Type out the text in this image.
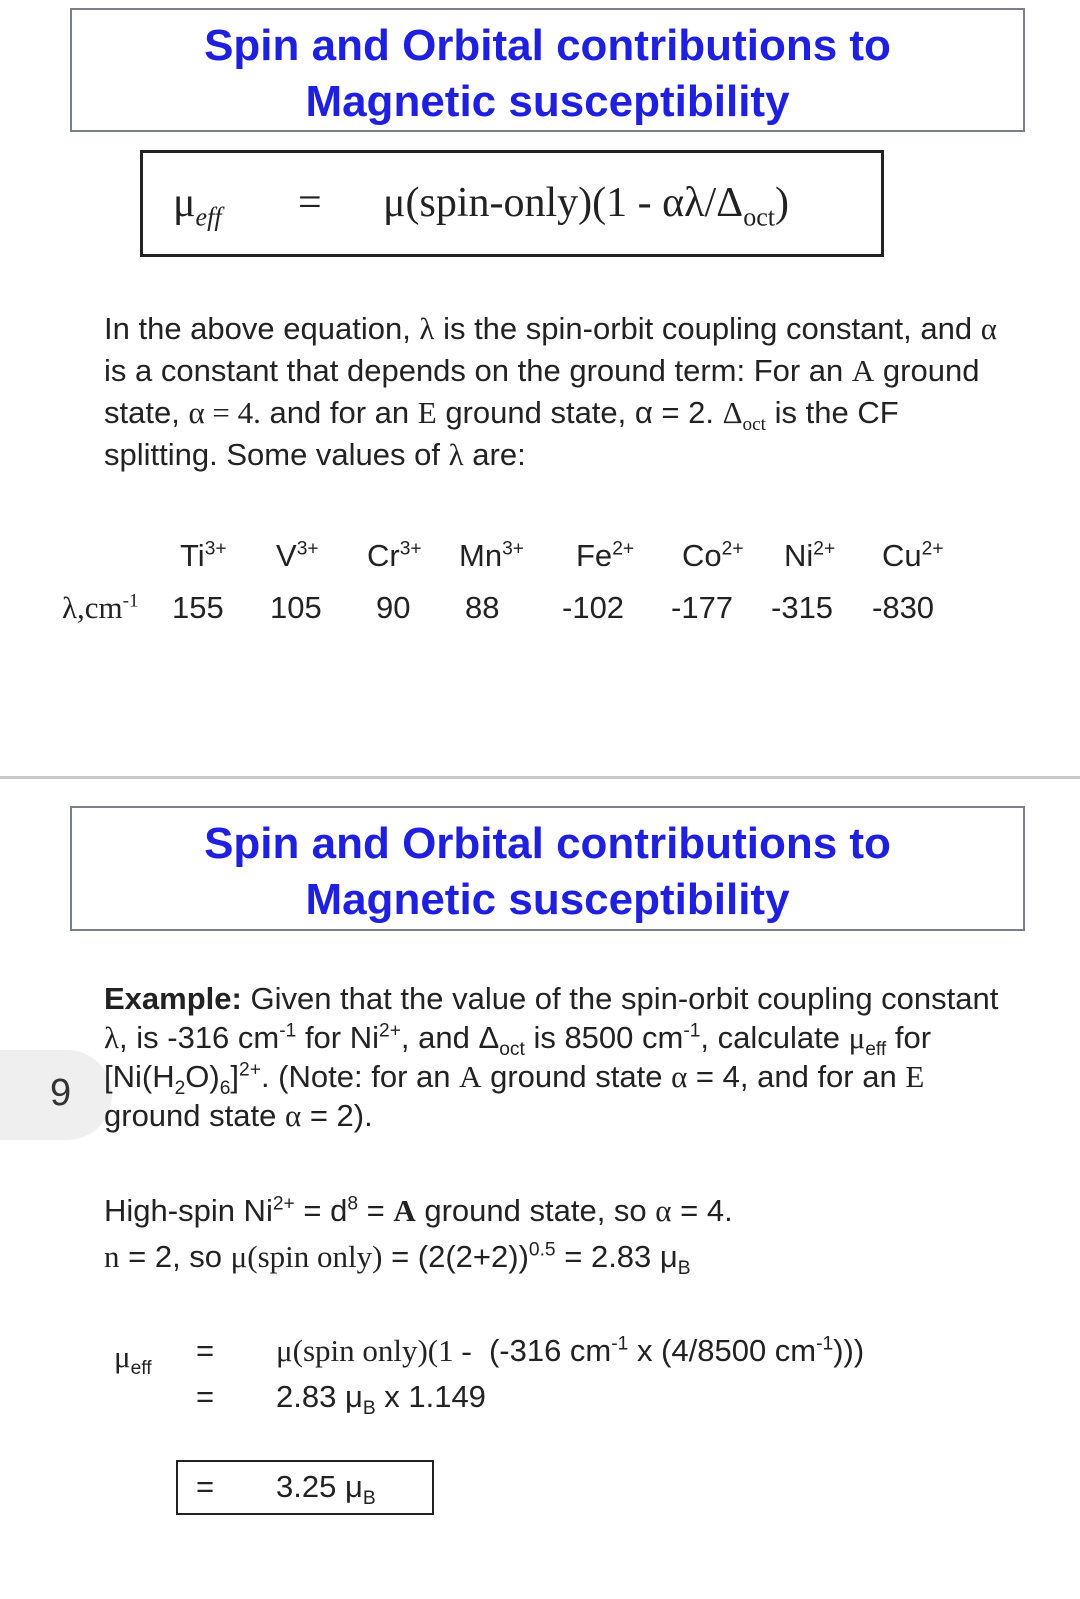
Spin and Orbital contributions to
Magnetic susceptibility
$\mu_{eff}$ = μ(spin-only)(1 - $\alpha\lambda/\Delta_{oct}$)
In the above equation, λ is the spin-orbit coupling constant, and α is a constant that depends on the ground term: For an A ground state, α = 4. and for an E ground state, α = 2. $\Delta_{oct}$ is the CF splitting. Some values of λ are:
$Ti^{3+}$ $V^{3+}$ $Cr^{3+}$ $Mn^{3+}$ $Fe^{2+}$ $Co^{2+}$ $Ni^{2+}$ $Cu^{2+}$
$\lambda,cm^{-1}$ 155 105 90 88 -102 -177 -315 -830
9
Spin and Orbital contributions to
Magnetic susceptibility
Example: Given that the value of the spin-orbit coupling constant λ, is -316 $cm^{-1}$ for $Ni^{2+}$, and $\Delta_{oct}$ is 8500 $cm^{-1}$, calculate $\mu_{eff}$ for $[Ni(H_2O)_6]^{2+}$. (Note: for an A ground state α = 4, and for an E ground state α = 2).
High-spin $Ni^{2+} = d^8 = A$ ground state, so α = 4.
n = 2, so μ(spin only) = $(2(2+2))^{0.5} = 2.83$ $\mu_B$
$\mu_{eff}$
= μ(spin only)(1 - (-316 $cm^{-1}$ x (4/8500 $cm^{-1}$)))
= 2.83 $\mu_B$ x 1.149
= 3.25 $\mu_B$
